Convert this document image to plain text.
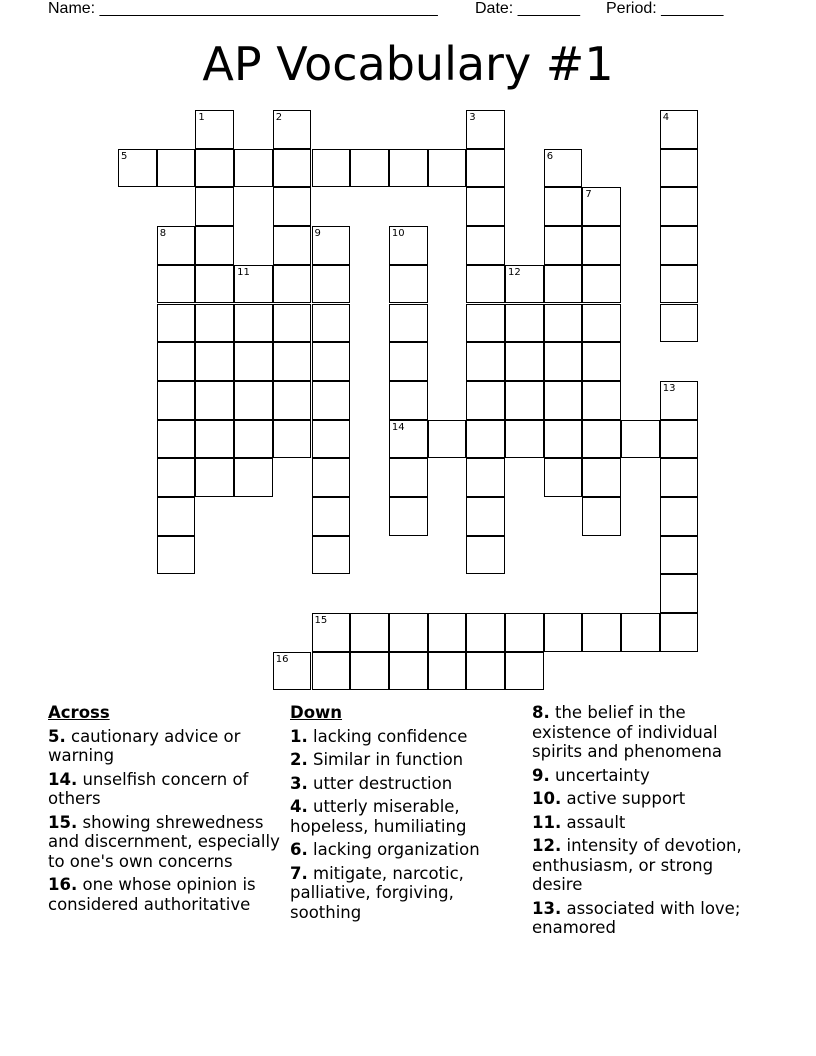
Name: ______________________________________ Date: _______ Period: _______
AP Vocabulary #1
1	2	3	4
5	6
7
8	9	10
14
11	12
13
15
16
Across
5. cautionary advice or warning
14. unselfish concern of others
15. showing shrewedness and discernment, especially to one's own concerns
16. one whose opinion is considered authoritative
Down
1. lacking confidence
2. Similar in function
3. utter destruction
4. utterly miserable, hopeless, humiliating
6. lacking organization
7. mitigate, narcotic, palliative, forgiving, soothing
8. the belief in the existence of individual spirits and phenomena
9. uncertainty
10. active support
11. assault
12. intensity of devotion, enthusiasm, or strong desire
13. associated with love; enamored
